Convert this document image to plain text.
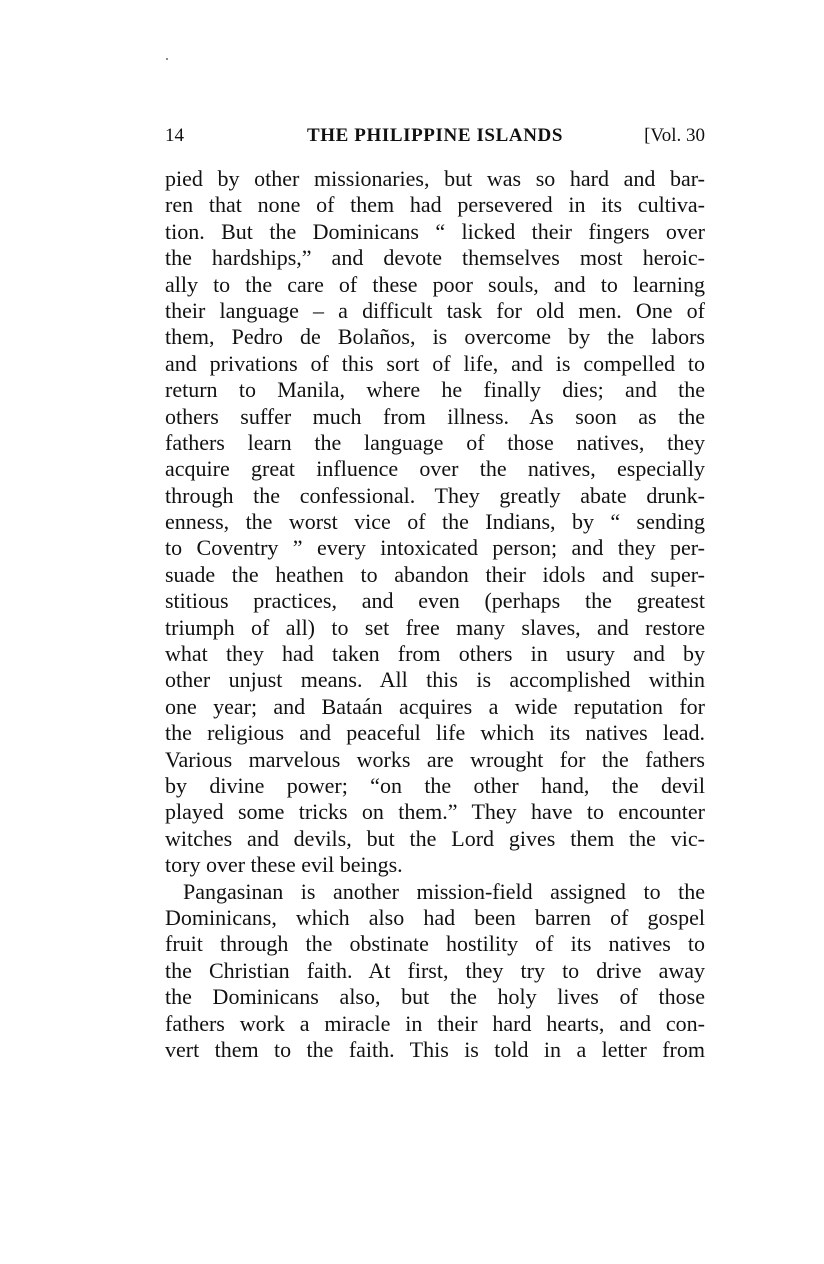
14	THE PHILIPPINE ISLANDS	[Vol. 30
pied by other missionaries, but was so hard and bar-
ren that none of them had persevered in its cultiva-
tion. But the Dominicans “ licked their fingers over
the hardships,” and devote themselves most heroic-
ally to the care of these poor souls, and to learning
their language – a difficult task for old men. One of
them, Pedro de Bolaños, is overcome by the labors
and privations of this sort of life, and is compelled to
return to Manila, where he finally dies; and the
others suffer much from illness. As soon as the
fathers learn the language of those natives, they
acquire great influence over the natives, especially
through the confessional. They greatly abate drunk-
enness, the worst vice of the Indians, by “ sending
to Coventry ” every intoxicated person; and they per-
suade the heathen to abandon their idols and super-
stitious practices, and even (perhaps the greatest
triumph of all) to set free many slaves, and restore
what they had taken from others in usury and by
other unjust means. All this is accomplished within
one year; and Bataán acquires a wide reputation for
the religious and peaceful life which its natives lead.
Various marvelous works are wrought for the fathers
by divine power; “on the other hand, the devil
played some tricks on them.” They have to encounter
witches and devils, but the Lord gives them the vic-
tory over these evil beings.
Pangasinan is another mission-field assigned to the
Dominicans, which also had been barren of gospel
fruit through the obstinate hostility of its natives to
the Christian faith. At first, they try to drive away
the Dominicans also, but the holy lives of those
fathers work a miracle in their hard hearts, and con-
vert them to the faith. This is told in a letter from
